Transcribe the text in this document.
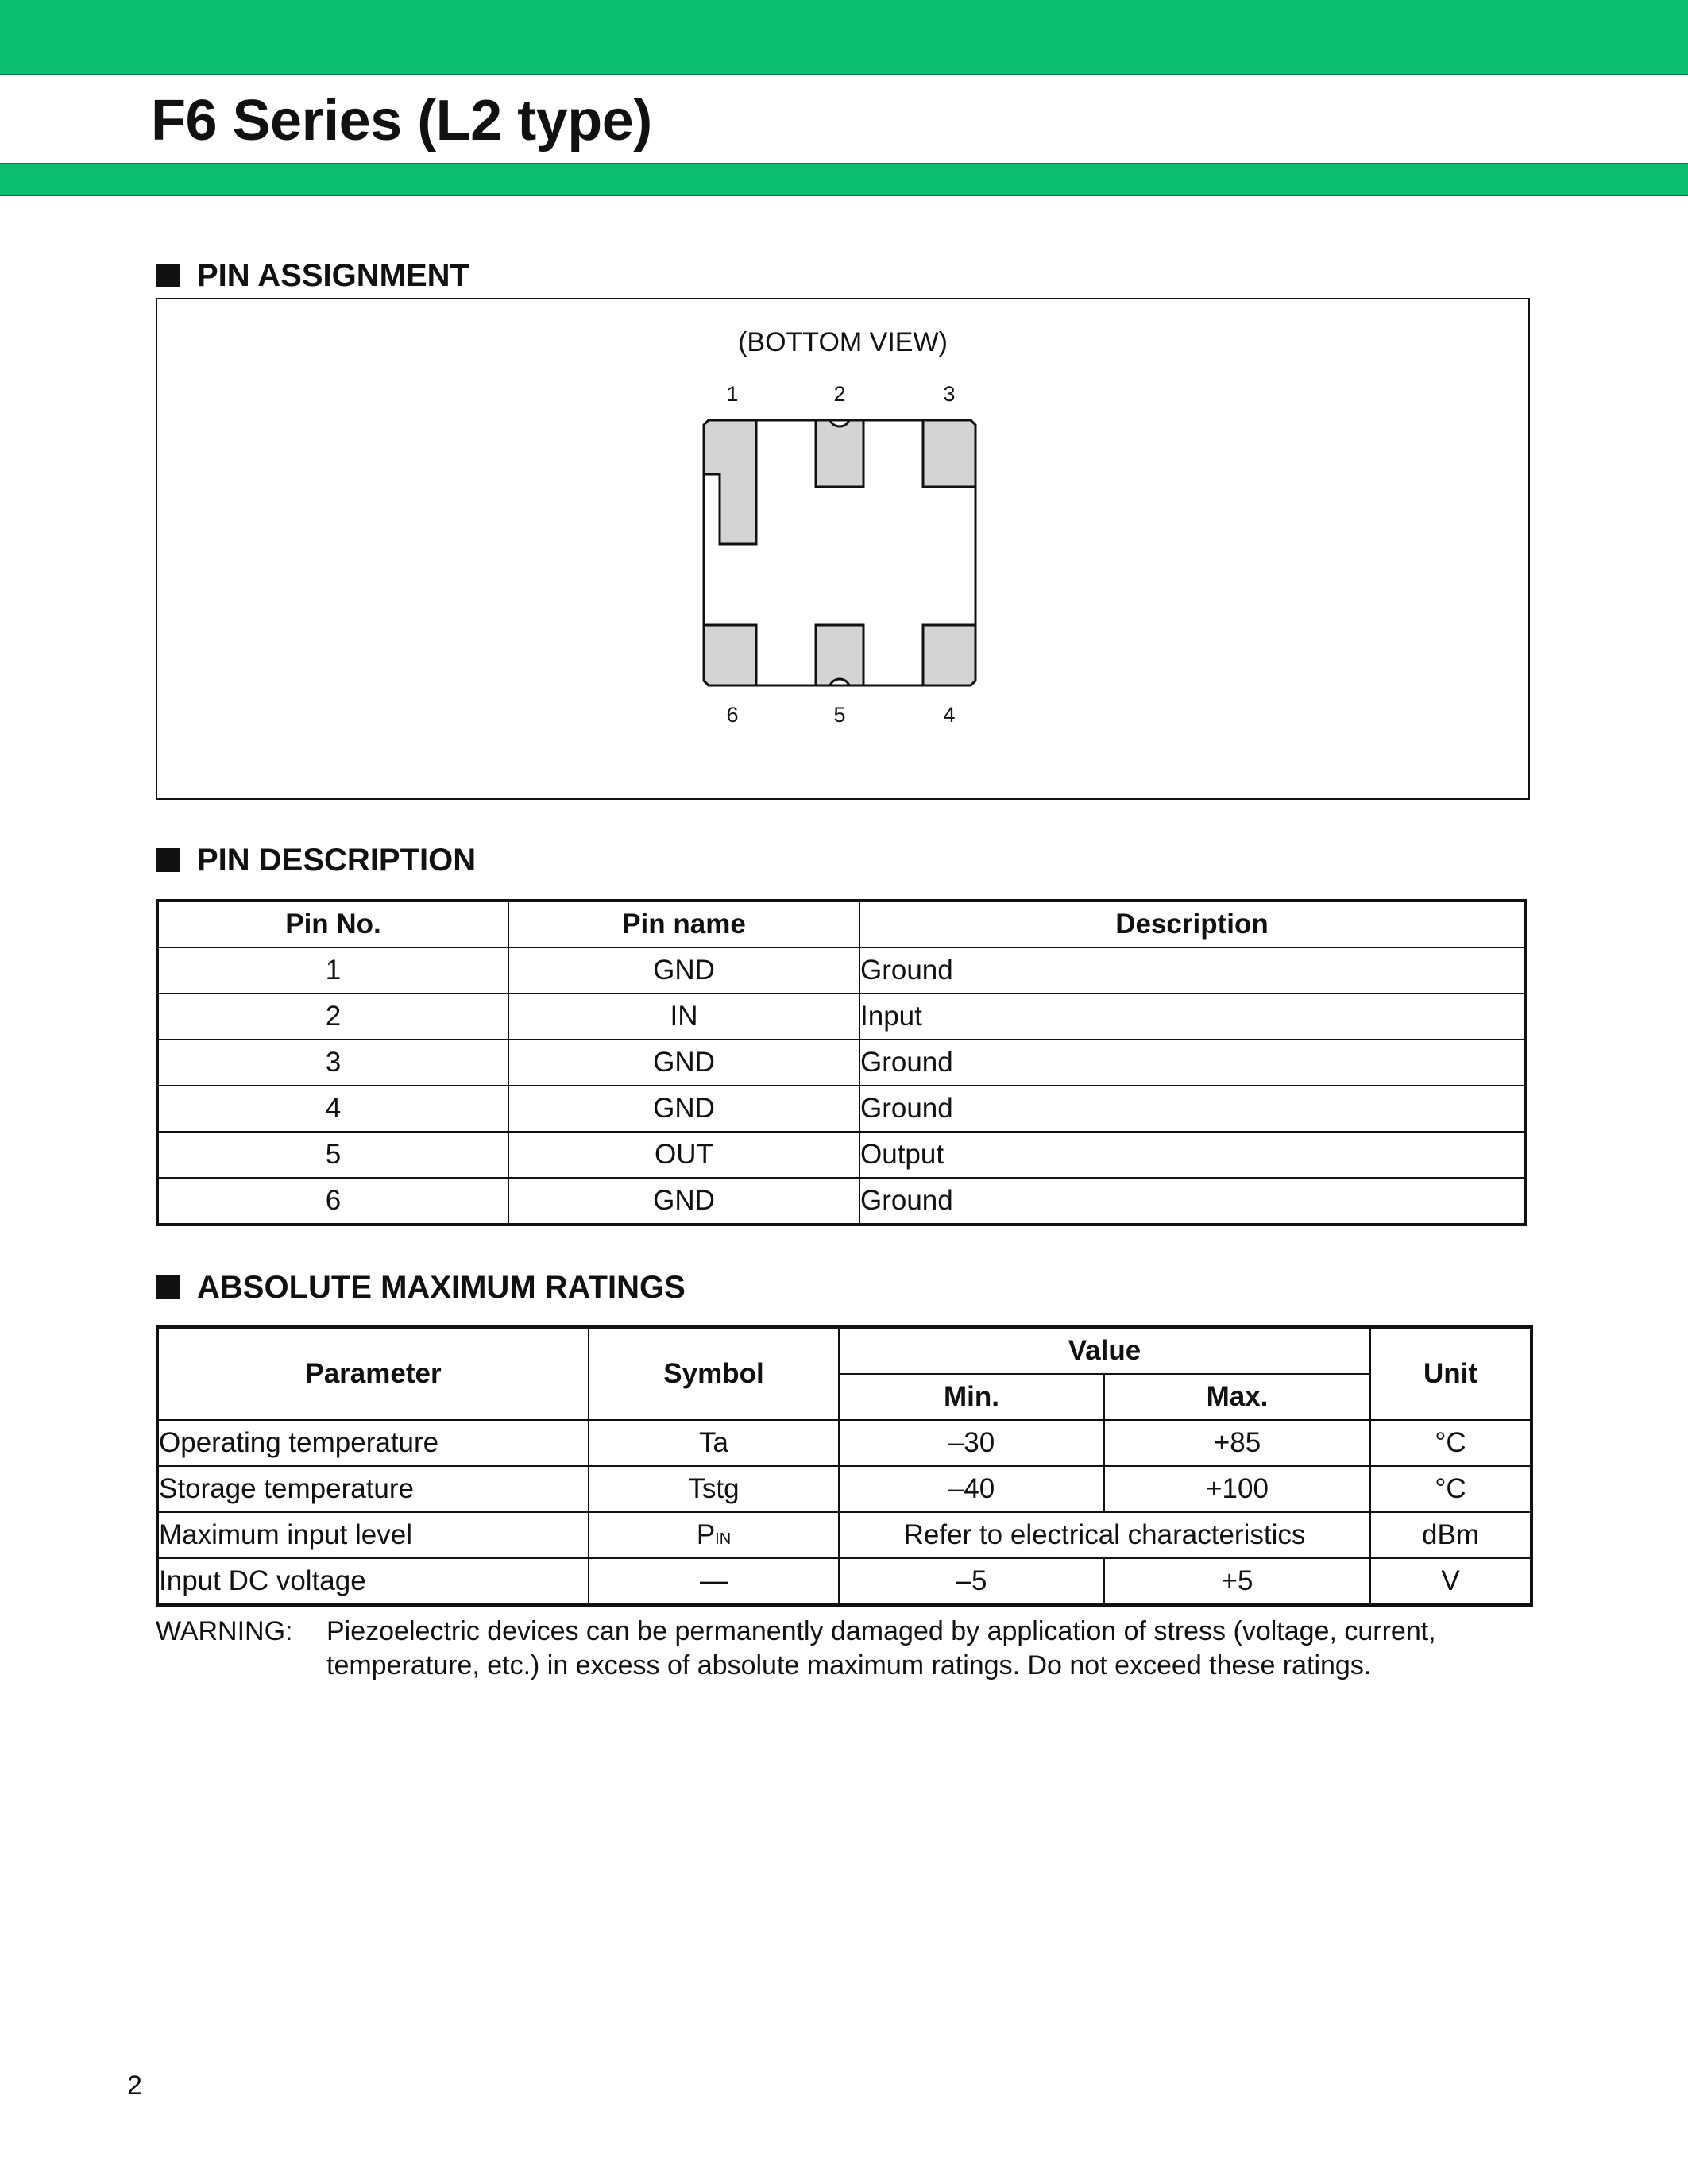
F6 Series (L2 type)
PIN ASSIGNMENT
(BOTTOM VIEW)
1	2	3
6	5	4
PIN DESCRIPTION
Pin No.	Pin name	Description
1	GND	Ground
2	IN	Input
3	GND	Ground
4	GND	Ground
5	OUT	Output
6	GND	Ground
ABSOLUTE MAXIMUM RATINGS
Parameter	Symbol	Value		Unit
		Min.	Max.	
Operating temperature	Ta	–30	+85	°C
Storage temperature	Tstg	–40	+100	°C
Maximum input level	PIN	Refer to electrical characteristics		dBm
Input DC voltage	—	–5	+5	V
WARNING: Piezoelectric devices can be permanently damaged by application of stress (voltage, current, temperature, etc.) in excess of absolute maximum ratings. Do not exceed these ratings.
2
